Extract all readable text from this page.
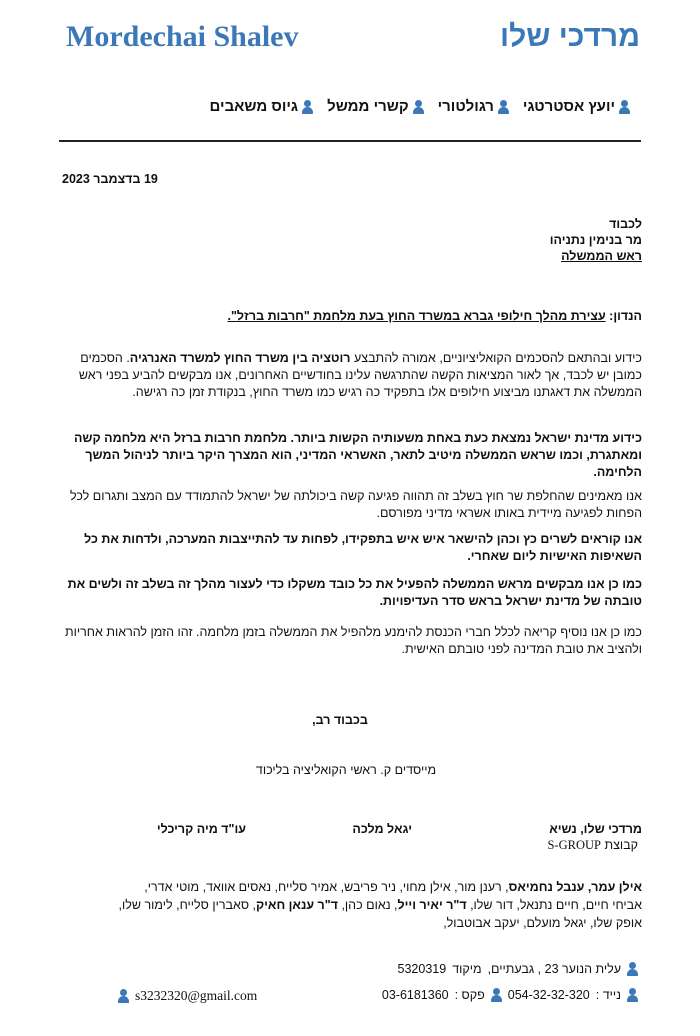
Mordechai Shalev	מרדכי שלו
יועץ אסטרטגי
רגולטורי
קשרי ממשל
גיוס משאבים
19 בדצמבר 2023
לכבוד
מר בנימין נתניהו
ראש הממשלה
הנדון: עצירת מהלך חילופי גברא במשרד החוץ בעת מלחמת "חרבות ברזל".
כידוע ובהתאם להסכמים הקואליציוניים, אמורה להתבצע רוטציה בין משרד החוץ למשרד האנרגיה. הסכמים כמובן יש לכבד, אך לאור המציאות הקשה שהתרגשה עלינו בחודשיים האחרונים, אנו מבקשים להביע בפני ראש הממשלה את דאגתנו מביצוע חילופים אלו בתפקיד כה רגיש כמו משרד החוץ, בנקודת זמן כה רגישה.
כידוע מדינת ישראל נמצאת כעת באחת משעותיה הקשות ביותר. מלחמת חרבות ברזל היא מלחמה קשה ומאתגרת, וכמו שראש הממשלה מיטיב לתאר, האשראי המדיני, הוא המצרך היקר ביותר לניהול המשך הלחימה.
אנו מאמינים שהחלפת שר חוץ בשלב זה תהווה פגיעה קשה ביכולתה של ישראל להתמודד עם המצב ותגרום לכל הפחות לפגיעה מיידית באותו אשראי מדיני מפורסם.
אנו קוראים לשרים כץ וכהן להישאר איש איש בתפקידו, לפחות עד להתייצבות המערכה, ולדחות את כל השאיפות האישיות ליום שאחרי.
כמו כן אנו מבקשים מראש הממשלה להפעיל את כל כובד משקלו כדי לעצור מהלך זה בשלב זה ולשים את טובתה של מדינת ישראל בראש סדר העדיפויות.
כמו כן אנו נוסיף קריאה לכלל חברי הכנסת להימנע מלהפיל את הממשלה בזמן מלחמה. זהו הזמן להראות אחריות ולהציב את טובת המדינה לפני טובתם האישית.
בכבוד רב,
מייסדים ק. ראשי הקואליציה בליכוד
מרדכי שלו, נשיא
קבוצת S-GROUP
יגאל מלכה
עו"ד מיה קריכלי
אילן עמר, ענבל נחמיאס, רענן מור, אילן מחוי, ניר פריבש, אמיר סלייח, נאסים אוואד, מוטי אדרי,
אביחי חיים, חיים נתנאל, דור שלו, ד"ר יאיר וייל, נאום כהן, ד"ר ענאן חאיק, סאברין סלייח, לימור שלו,
אופק שלו, יגאל מועלם, יעקב אבוטבול,
עלית הנוער 23 , גבעתיים,
מיקוד
5320319
נייד :
054-32-32-320
פקס :
03-6181360
s3232320@gmail.com
